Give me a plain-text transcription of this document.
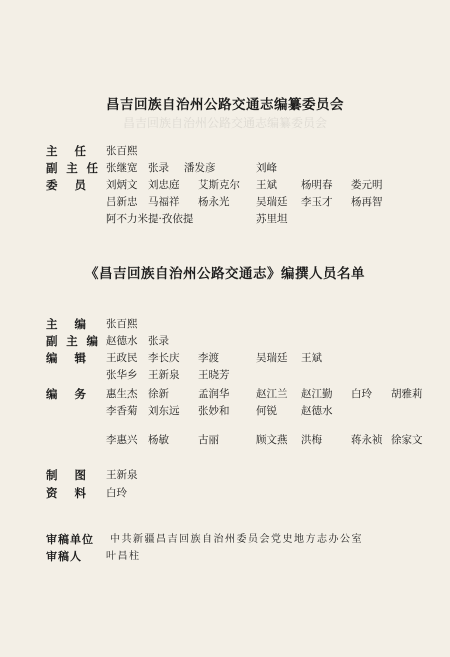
昌吉回族自治州公路交通志编纂委员会
昌吉回族自治州公路交通志编纂委员会
主 任 张百熙
副 主 任 张继宽 张录 潘发彦	刘峰
委 员 刘炳文 刘忠庭 艾斯克尔 王斌 杨明春 娄元明
吕新忠 马福祥 杨永光	吴瑞廷 李玉才 杨再智
阿不力米提·孜依提	苏里坦
《昌吉回族自治州公路交通志》编撰人员名单
主 编 张百熙
副 主 编 赵德水 张录
编 辑 王政民 李长庆 李渡	吴瑞廷 王斌
张华乡 王新泉 王晓芳
编 务 惠生杰 徐新	孟润华	赵江兰 赵江勤 白玲 胡雅莉
李香菊 刘东远 张妙和	何锐 赵德水
李惠兴 杨敏	古丽	顾文燕 洪梅	蒋永祯 徐家文
制 图 王新泉
资 料 白玲
审稿单位 中共新疆昌吉回族自治州委员会党史地方志办公室
审稿人 叶昌柱
